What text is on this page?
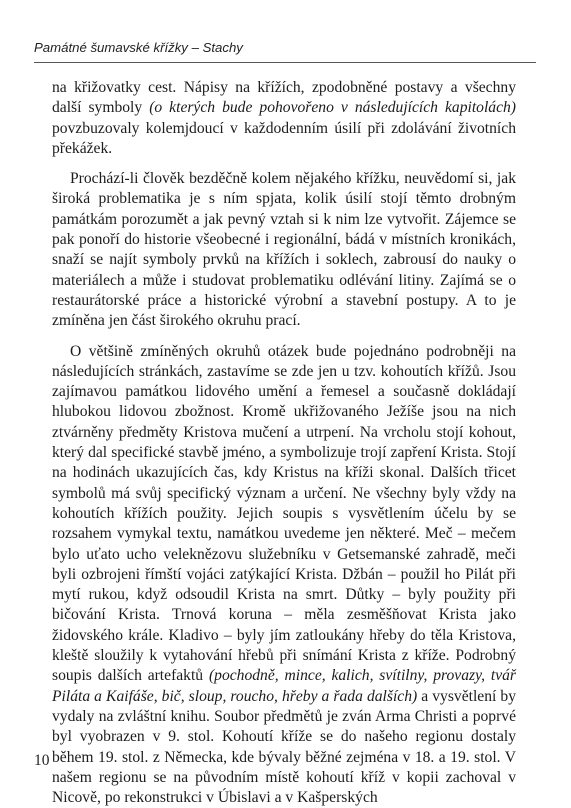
Památné šumavské křížky – Stachy

na křižovatky cest. Nápisy na křížích, zpodobněné postavy a všechny další symboly (o kterých bude pohovořeno v následujících kapitolách) povzbuzovaly kolemjdoucí v každodenním úsilí při zdolávání životních překážek.

Prochází-li člověk bezděčně kolem nějakého křížku, neuvědomí si, jak široká problematika je s ním spjata, kolik úsilí stojí těmto drobným památkám porozumět a jak pevný vztah si k nim lze vytvořit. Zájemce se pak ponoří do historie všeobecné i regionální, bádá v místních kronikách, snaží se najít symboly prvků na křížích i soklech, zabrousí do nauky o materiálech a může i studovat problematiku odlévání litiny. Zajímá se o restaurátorské práce a historické výrobní a stavební postupy. A to je zmíněna jen část širokého okruhu prací.

O většině zmíněných okruhů otázek bude pojednáno podrobněji na následujících stránkách, zastavíme se zde jen u tzv. kohoutích křížů. Jsou zajímavou památkou lidového umění a řemesel a současně dokládají hlubokou lidovou zbožnost. Kromě ukřižovaného Ježíše jsou na nich ztvárněny předměty Kristova mučení a utrpení. Na vrcholu stojí kohout, který dal specifické stavbě jméno, a symbolizuje trojí zapření Krista. Stojí na hodinách ukazujících čas, kdy Kristus na kříži skonal. Dalších třicet symbolů má svůj specifický význam a určení. Ne všechny byly vždy na kohoutích křížích použity. Jejich soupis s vysvětlením účelu by se rozsahem vymykal textu, namátkou uvedeme jen některé. Meč – mečem bylo uťato ucho veleknězovu služebníku v Getsemanské zahradě, meči byli ozbrojeni římští vojáci zatýkající Krista. Džbán – použil ho Pilát při mytí rukou, když odsoudil Krista na smrt. Důtky – byly použity při bičování Krista. Trnová koruna – měla zesměšňovat Krista jako židovského krále. Kladivo – byly jím zatloukány hřeby do těla Kristova, kleště sloužily k vytahování hřebů při snímání Krista z kříže. Podrobný soupis dalších artefaktů (pochodně, mince, kalich, svítilny, provazy, tvář Piláta a Kaifáše, bič, sloup, roucho, hřeby a řada dalších) a vysvětlení by vydaly na zvláštní knihu. Soubor předmětů je zván Arma Christi a poprvé byl vyobrazen v 9. stol. Kohoutí kříže se do našeho regionu dostaly během 19. stol. z Německa, kde bývaly běžné zejména v 18. a 19. stol. V našem regionu se na původním místě kohoutí kříž v kopii zachoval v Nicově, po rekonstrukci v Úbislavi a v Kašperských

10
